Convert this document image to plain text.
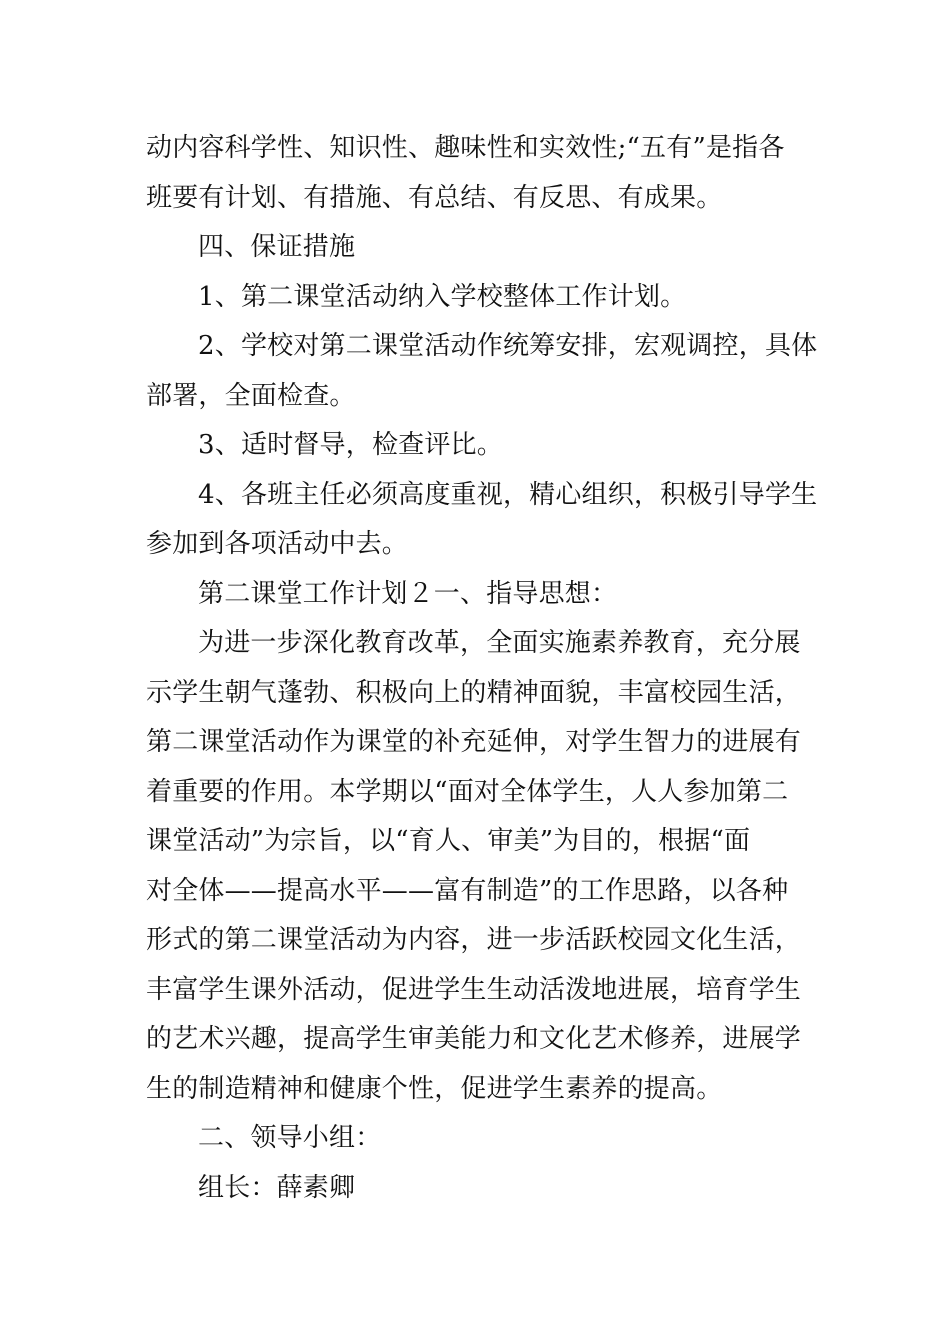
动内容科学性、知识性、趣味性和实效性;“五有”是指各
班要有计划、有措施、有总结、有反思、有成果。
四、保证措施
1、第二课堂活动纳入学校整体工作计划。
2、学校对第二课堂活动作统筹安排，宏观调控，具体
部署，全面检查。
3、适时督导，检查评比。
4、各班主任必须高度重视，精心组织，积极引导学生
参加到各项活动中去。
第二课堂工作计划２一、指导思想：
为进一步深化教育改革，全面实施素养教育，充分展
示学生朝气蓬勃、积极向上的精神面貌，丰富校园生活，
第二课堂活动作为课堂的补充延伸，对学生智力的进展有
着重要的作用。本学期以“面对全体学生，人人参加第二
课堂活动”为宗旨，以“育人、审美”为目的，根据“面
对全体——提高水平——富有制造”的工作思路，以各种
形式的第二课堂活动为内容，进一步活跃校园文化生活，
丰富学生课外活动，促进学生生动活泼地进展，培育学生
的艺术兴趣，提高学生审美能力和文化艺术修养，进展学
生的制造精神和健康个性，促进学生素养的提高。
二、领导小组：
组长：薛素卿
